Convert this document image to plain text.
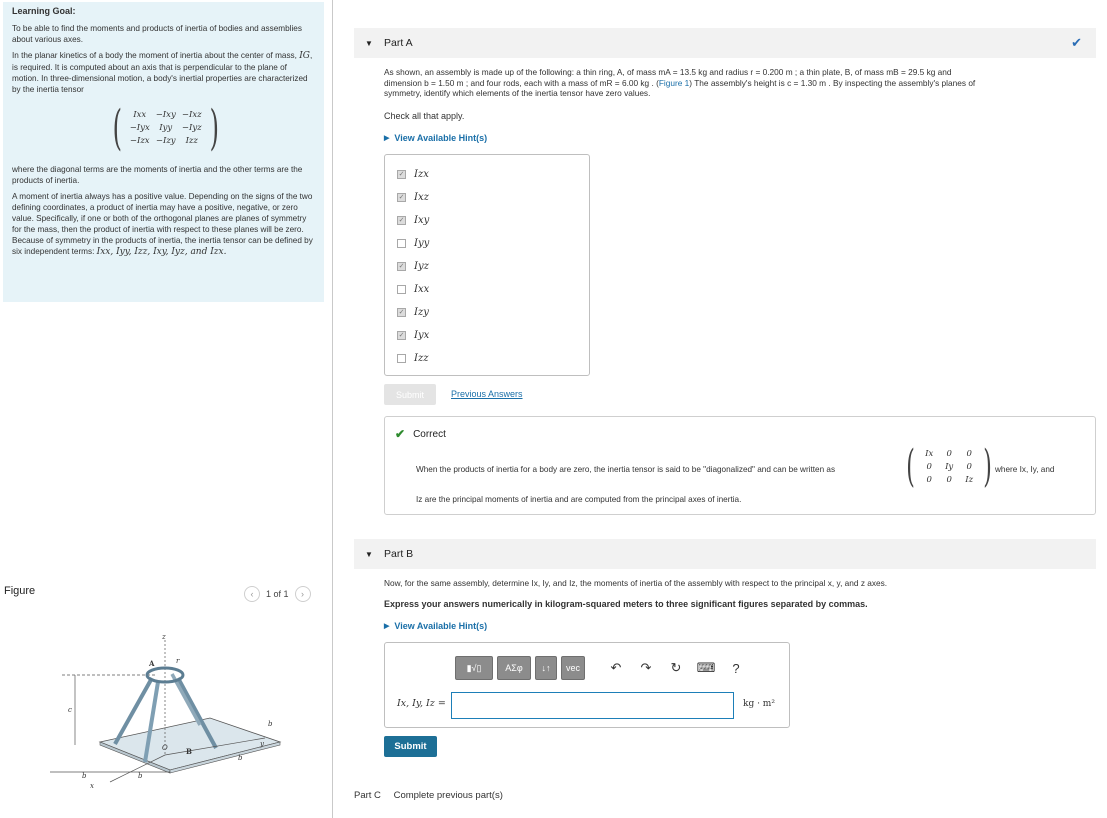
Learning Goal:

To be able to find the moments and products of inertia of bodies and assemblies about various axes.

In the planar kinetics of a body the moment of inertia about the center of mass, IG, is required. It is computed about an axis that is perpendicular to the plane of motion. In three-dimensional motion, a body's inertial properties are characterized by the inertia tensor

(	Ixx	−Ixy −Ixz
−Iyx	Iyy	−Iyz
−Izx −Izy	Izz )

where the diagonal terms are the moments of inertia and the other terms are the products of inertia.

A moment of inertia always has a positive value. Depending on the signs of the two defining coordinates, a product of inertia may have a positive, negative, or zero value. Specifically, if one or both of the orthogonal planes are planes of symmetry for the mass, then the product of inertia with respect to these planes will be zero. Because of symmetry in the products of inertia, the inertia tensor can be defined by six independent terms: Ixx, Iyy, Izz, Ixy, Iyz, and Izx.

Figure	‹	1 of 1	›
z
A	r
c
O	B
y
x
b	b
b
b
▼	Part A	✔
As shown, an assembly is made up of the following: a thin ring, A, of mass mA = 13.5 kg and radius r = 0.200 m ; a thin plate, B, of mass mB = 29.5 kg and
dimension b = 1.50 m ; and four rods, each with a mass of mR = 6.00 kg . (Figure 1) The assembly's height is c = 1.30 m . By inspecting the assembly's planes of
symmetry, identify which elements of the inertia tensor have zero values.
Check all that apply.
▶ View Available Hint(s)
✓ Izx
✓ Ixz
✓ Ixy
Iyy
✓ Iyz
Ixx
✓ Izy
✓ Iyx
Izz
Submit	Previous Answers
✔ Correct
When the products of inertia for a body are zero, the inertia tensor is said to be "diagonalized" and can be written as (	Ix	0	0
0	Iy	0
0	0	Iz ) where Ix, Iy, and
Iz are the principal moments of inertia and are computed from the principal axes of inertia.
▼	Part B
Now, for the same assembly, determine Ix, Iy, and Iz, the moments of inertia of the assembly with respect to the principal x, y, and z axes.
Express your answers numerically in kilogram-squared meters to three significant figures separated by commas.
▶ View Available Hint(s)
▮√▯	ΑΣφ	↓↑	vec	↶	↷	↻	⌨	?
Ix, Iy, Iz =	kg · m²
Submit
Part C Complete previous part(s)
